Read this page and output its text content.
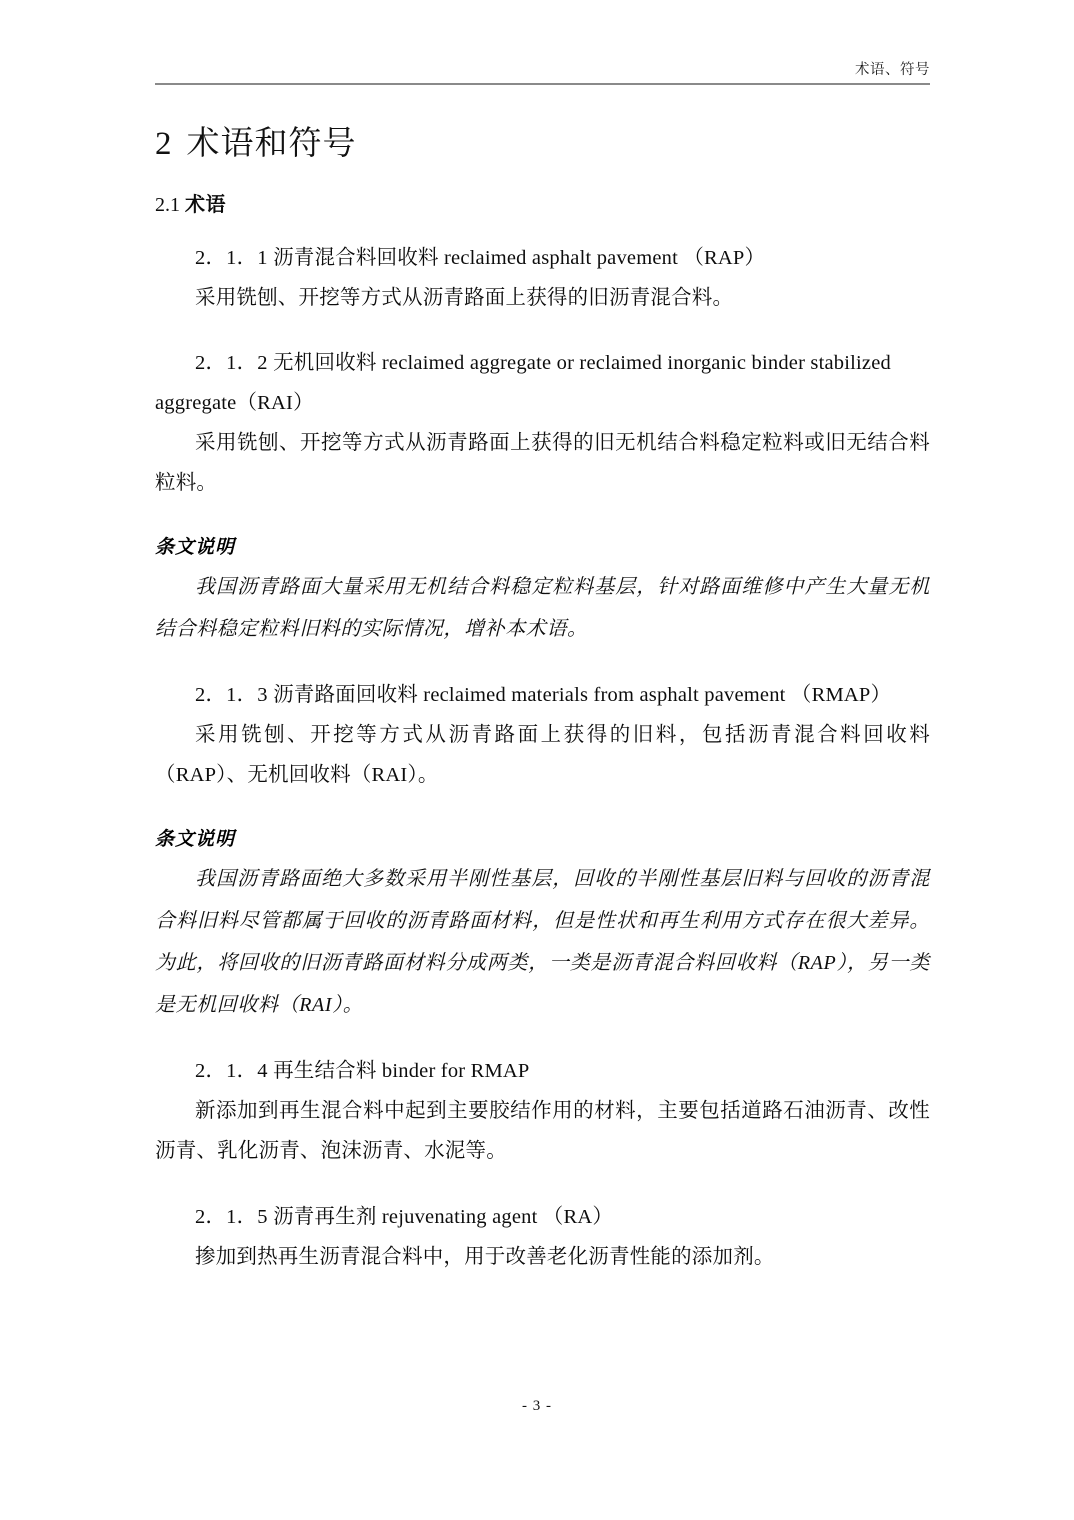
术语、符号
2 术语和符号
2.1 术语
2．1．1 沥青混合料回收料 reclaimed asphalt pavement （RAP）
采用铣刨、开挖等方式从沥青路面上获得的旧沥青混合料。
2．1．2 无机回收料 reclaimed aggregate or reclaimed inorganic binder stabilized aggregate（RAI）
采用铣刨、开挖等方式从沥青路面上获得的旧无机结合料稳定粒料或旧无结合料粒料。
条文说明
我国沥青路面大量采用无机结合料稳定粒料基层，针对路面维修中产生大量无机结合料稳定粒料旧料的实际情况，增补本术语。
2．1．3 沥青路面回收料 reclaimed materials from asphalt pavement （RMAP）
采用铣刨、开挖等方式从沥青路面上获得的旧料，包括沥青混合料回收料（RAP）、无机回收料（RAI）。
条文说明
我国沥青路面绝大多数采用半刚性基层，回收的半刚性基层旧料与回收的沥青混合料旧料尽管都属于回收的沥青路面材料，但是性状和再生利用方式存在很大差异。为此，将回收的旧沥青路面材料分成两类，一类是沥青混合料回收料（RAP），另一类是无机回收料（RAI）。
2．1．4 再生结合料 binder for RMAP
新添加到再生混合料中起到主要胶结作用的材料，主要包括道路石油沥青、改性沥青、乳化沥青、泡沫沥青、水泥等。
2．1．5 沥青再生剂 rejuvenating agent （RA）
掺加到热再生沥青混合料中，用于改善老化沥青性能的添加剂。
- 3 -
